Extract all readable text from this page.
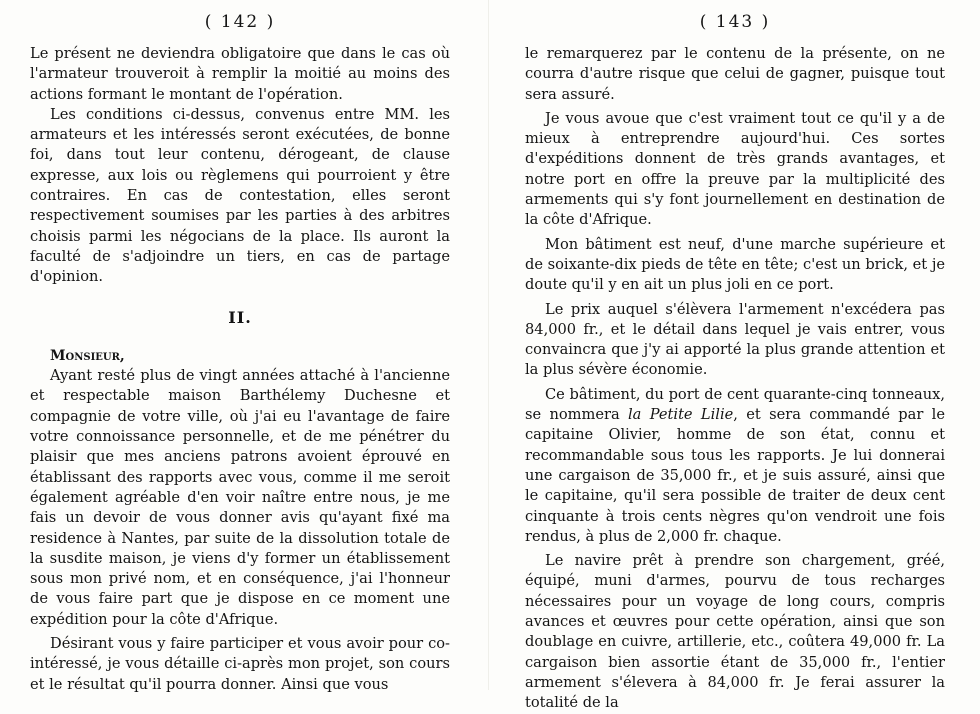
( 142 )

Le présent ne deviendra obligatoire que dans le cas où l'armateur trouveroit à remplir la moitié au moins des actions formant le montant de l'opération.

Les conditions ci-dessus, convenus entre MM. les armateurs et les intéressés seront exécutées, de bonne foi, dans tout leur contenu, dérogeant, de clause expresse, aux lois ou règlemens qui pourroient y être contraires. En cas de contestation, elles seront respectivement soumises par les parties à des arbitres choisis parmi les négocians de la place. Ils auront la faculté de s'adjoindre un tiers, en cas de partage d'opinion.

II.

Monsieur,

Ayant resté plus de vingt années attaché à l'ancienne et respectable maison Barthélemy Duchesne et compagnie de votre ville, où j'ai eu l'avantage de faire votre connoissance personnelle, et de me pénétrer du plaisir que mes anciens patrons avoient éprouvé en établissant des rapports avec vous, comme il me seroit également agréable d'en voir naître entre nous, je me fais un devoir de vous donner avis qu'ayant fixé ma residence à Nantes, par suite de la dissolution totale de la susdite maison, je viens d'y former un établissement sous mon privé nom, et en conséquence, j'ai l'honneur de vous faire part que je dispose en ce moment une expédition pour la côte d'Afrique.

Désirant vous y faire participer et vous avoir pour co-intéressé, je vous détaille ci-après mon projet, son cours et le résultat qu'il pourra donner. Ainsi que vous

( 143 )

le remarquerez par le contenu de la présente, on ne courra d'autre risque que celui de gagner, puisque tout sera assuré.

Je vous avoue que c'est vraiment tout ce qu'il y a de mieux à entreprendre aujourd'hui. Ces sortes d'expéditions donnent de très grands avantages, et notre port en offre la preuve par la multiplicité des armements qui s'y font journellement en destination de la côte d'Afrique.

Mon bâtiment est neuf, d'une marche supérieure et de soixante-dix pieds de tête en tête; c'est un brick, et je doute qu'il y en ait un plus joli en ce port.

Le prix auquel s'élèvera l'armement n'excédera pas 84,000 fr., et le détail dans lequel je vais entrer, vous convaincra que j'y ai apporté la plus grande attention et la plus sévère économie.

Ce bâtiment, du port de cent quarante-cinq tonneaux, se nommera la Petite Lilie, et sera commandé par le capitaine Olivier, homme de son état, connu et recommandable sous tous les rapports. Je lui donnerai une cargaison de 35,000 fr., et je suis assuré, ainsi que le capitaine, qu'il sera possible de traiter de deux cent cinquante à trois cents nègres qu'on vendroit une fois rendus, à plus de 2,000 fr. chaque.

Le navire prêt à prendre son chargement, gréé, équipé, muni d'armes, pourvu de tous recharges nécessaires pour un voyage de long cours, compris avances et œuvres pour cette opération, ainsi que son doublage en cuivre, artillerie, etc., coûtera 49,000 fr. La cargaison bien assortie étant de 35,000 fr., l'entier armement s'élevera à 84,000 fr. Je ferai assurer la totalité de la
